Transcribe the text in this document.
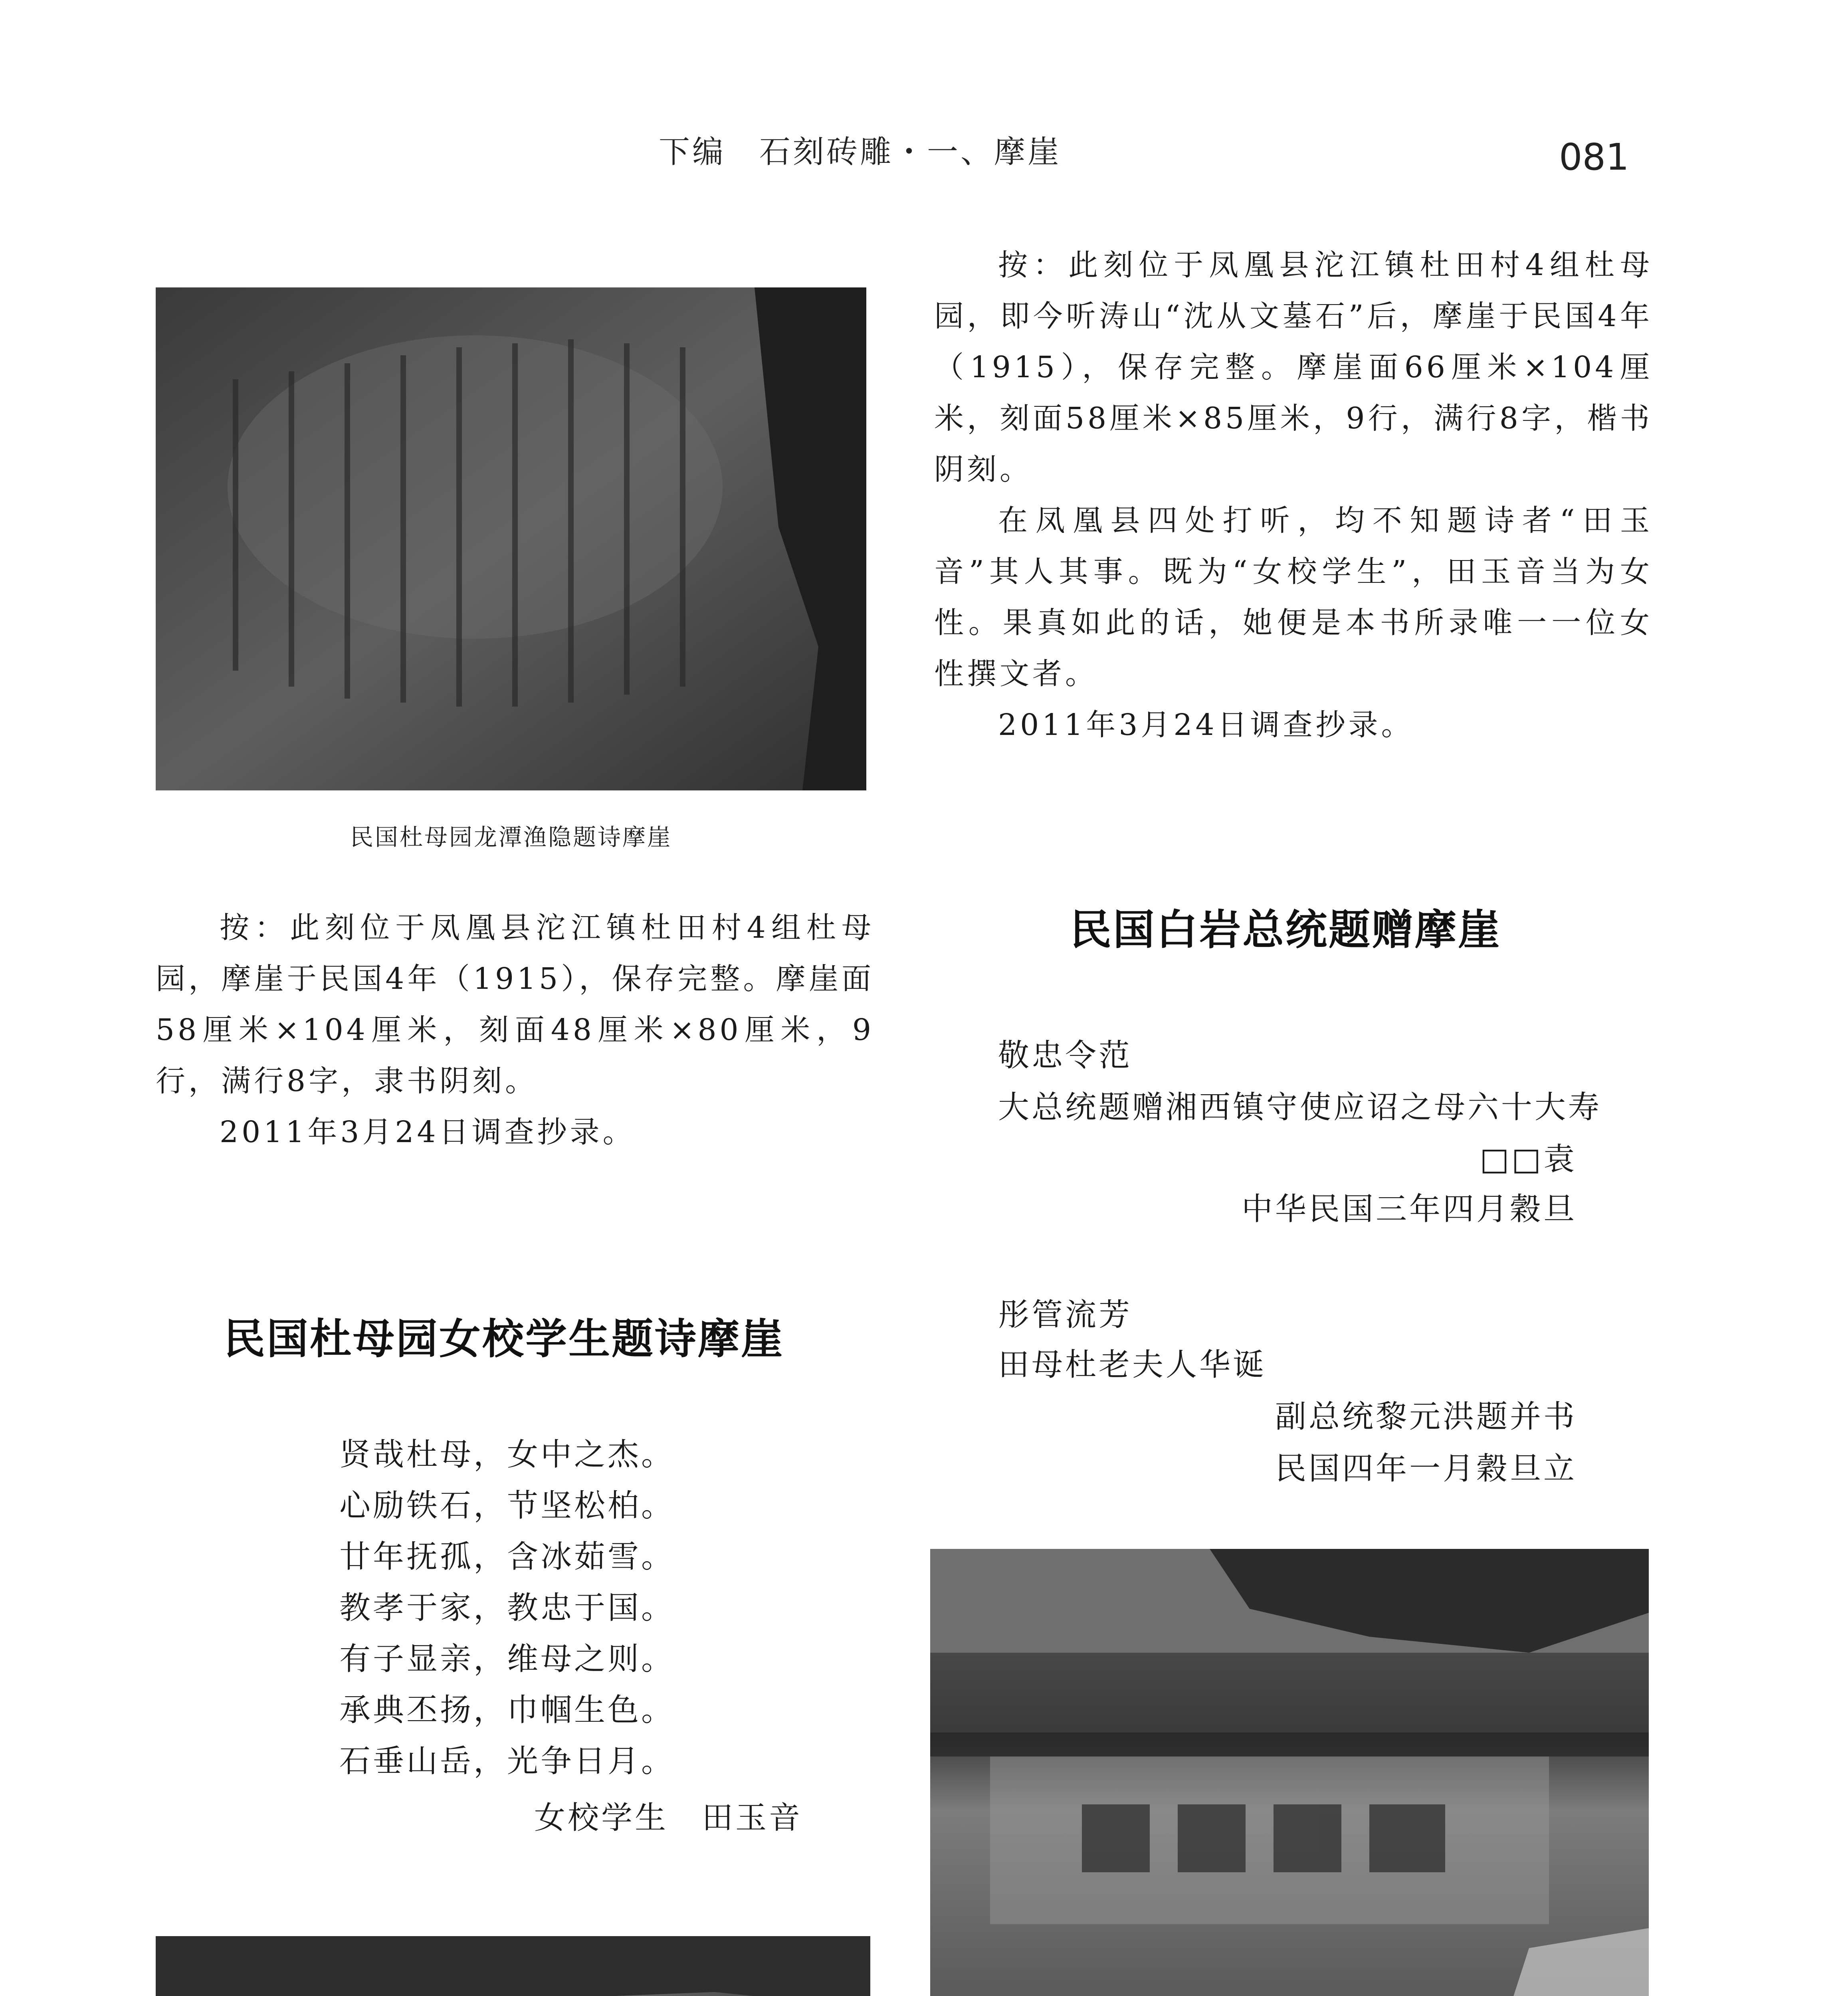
下编　石刻砖雕・一、摩崖	081
民国杜母园龙潭渔隐题诗摩崖

按：此刻位于凤凰县沱江镇杜田村4组杜母园，摩崖于民国4年（1915），保存完整。摩崖面58厘米×104厘米，刻面48厘米×80厘米，9行，满行8字，隶书阴刻。

2011年3月24日调查抄录。

民国杜母园女校学生题诗摩崖
贤哉杜母，女中之杰。
心励铁石，节坚松柏。
廿年抚孤，含冰茹雪。
教孝于家，教忠于国。
有子显亲，维母之则。
承典丕扬，巾帼生色。
石垂山岳，光争日月。
女校学生　田玉音

按：此刻位于凤凰县沱江镇杜田村4组杜母园，即今听涛山“沈从文墓石”后，摩崖于民国4年（1915），保存完整。摩崖面66厘米×104厘米，刻面58厘米×85厘米，9行，满行8字，楷书阴刻。

在凤凰县四处打听，均不知题诗者“田玉音”其人其事。既为“女校学生”，田玉音当为女性。果真如此的话，她便是本书所录唯一一位女性撰文者。

2011年3月24日调查抄录。

民国白岩总统题赠摩崖
敬忠令范
大总统题赠湘西镇守使应诏之母六十大寿
□□袁
中华民国三年四月穀旦
彤管流芳
田母杜老夫人华诞
副总统黎元洪题并书
民国四年一月穀旦立
